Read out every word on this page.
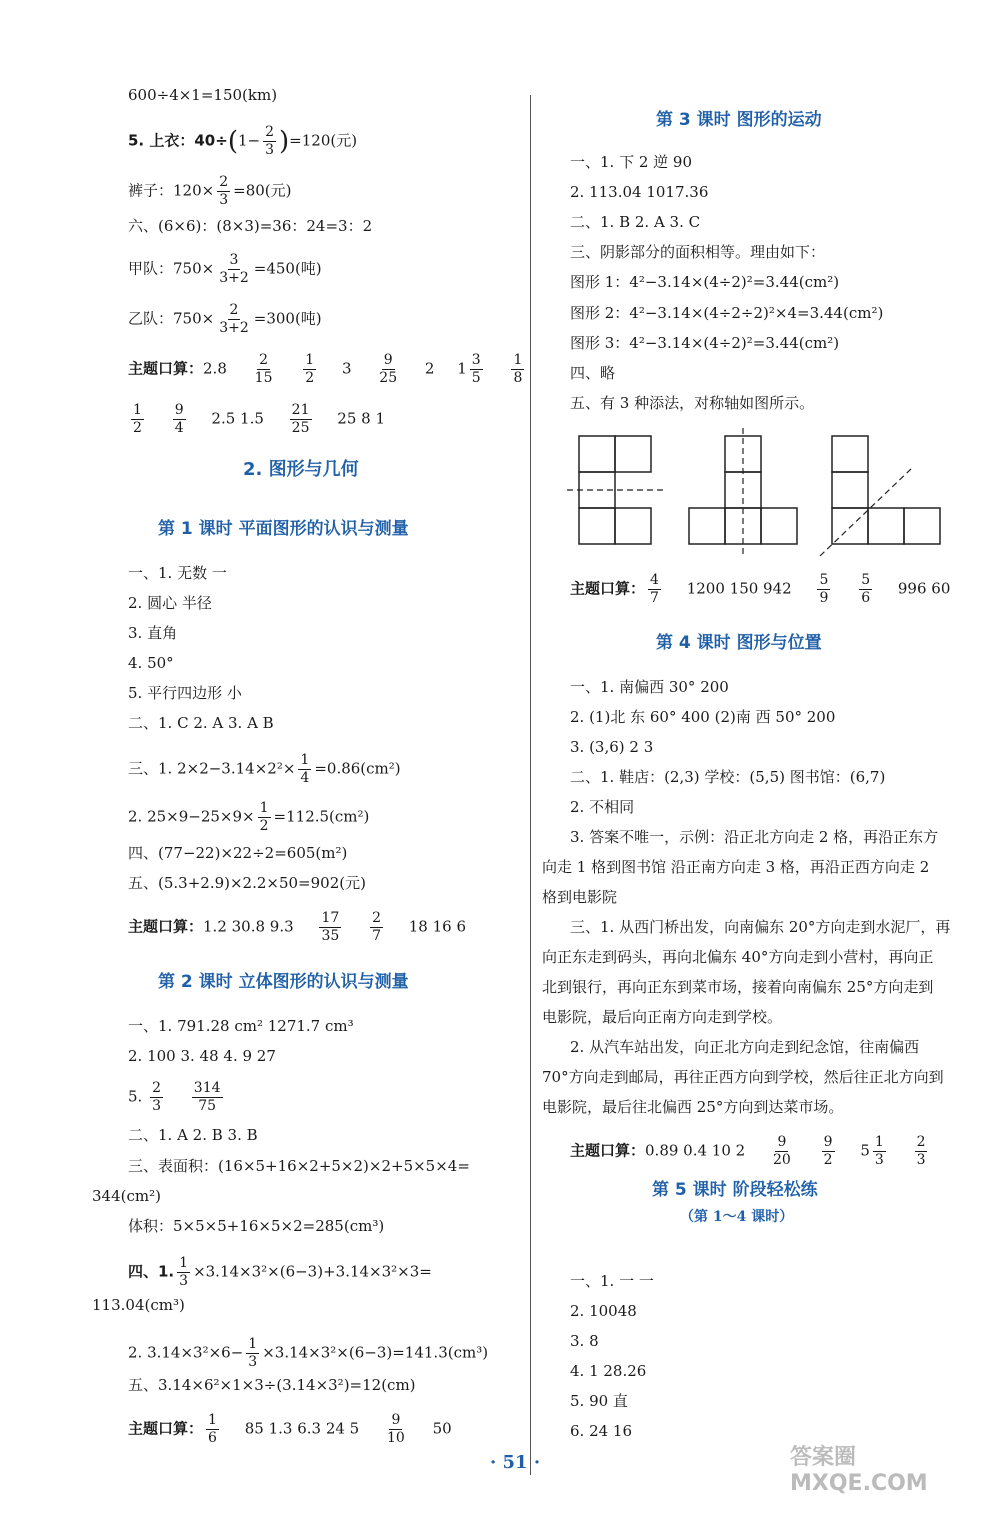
600÷4×1=150(km)
5. 上衣：$40\div(1- \frac{2}{3} )=120$(元)
裤子：$120\times \frac{2}{3} =80$(元)
六、(6×6)：(8×3)=36：24=3：2
甲队：$750\times \frac{3}{3+2} =450$(吨)
乙队：$750\times \frac{2}{3+2} =300$(吨)
主题口算：$2.8 \frac{2}{15}$
$\frac{1}{2} 3 \frac{9}{25} 2$ $1 \frac{3}{5}$
$\frac{1}{8}$
$\frac{1}{2}$
$\frac{9}{4} 2.5$ $1.5 \frac{21}{25} 25$ 8 1
2. 图形与几何
第 1 课时 平面图形的认识与测量
一、1. 无数 一
2. 圆心 半径
3. 直角
4. 50°
5. 平行四边形 小
二、1. C 2. A 3. A B
三、1. $2\times 2-3.14\times 2^2\times \frac{1}{4} =0.86(cm^2)$
2. $25\times 9-25\times 9\times \frac{1}{2} =112.5(cm^2)$
四、(77−22)×22÷2=605(m²)
五、(5.3+2.9)×2.2×50=902(元)
主题口算：1.2 30.8 $9.3 \frac{17}{35}$
$\frac{2}{7} 18$ 16 6
第 2 课时 立体图形的认识与测量
一、1. 791.28 cm² 1271.7 cm³
2. 100 3. 48 4. 9 27
5. $\frac{2}{3}$
$\frac{314}{75}$
二、1. A 2. B 3. B
三、表面积：(16×5+16×2+5×2)×2+5×5×4=
344(cm²)
体积：5×5×5+16×5×2=285(cm³)
四、1. $\frac{1}{3} \times 3.14\times 3^2\times(6-3)+3.14\times 3^2\times 3=$
113.04(cm³)
2. $3.14\times 3^2\times 6- \frac{1}{3} \times 3.14\times 3^2\times(6-3)=141.3(cm^3)$
五、3.14×6²×1×3÷(3.14×3²)=12(cm)
主题口算： $\frac{1}{6} 85$ 1.3 6.3 24 $5 \frac{9}{10} 50$
第 3 课时 图形的运动
一、1. 下 2 逆 90
2. 113.04 1017.36
二、1. B 2. A 3. C
三、阴影部分的面积相等。理由如下：
图形 1：4²−3.14×(4÷2)²=3.44(cm²)
图形 2：4²−3.14×(4÷2÷2)²×4=3.44(cm²)
图形 3：4²−3.14×(4÷2)²=3.44(cm²)
四、略
五、有 3 种添法，对称轴如图所示。
主题口算： $\frac{4}{7} 1200$ 150 $942 \frac{5}{9}$
$\frac{5}{6} 996$ 60
第 4 课时 图形与位置
一、1. 南偏西 30° 200
2. (1)北 东 60° 400 (2)南 西 50° 200
3. (3,6) 2 3
二、1. 鞋店：(2,3) 学校：(5,5) 图书馆：(6,7)
2. 不相同
3. 答案不唯一，示例：沿正北方向走 2 格，再沿正东方
向走 1 格到图书馆 沿正南方向走 3 格，再沿正西方向走 2
格到电影院
三、1. 从西门桥出发，向南偏东 20°方向走到水泥厂，再
向正东走到码头，再向北偏东 40°方向走到小营村，再向正
北到银行，再向正东到菜市场，接着向南偏东 25°方向走到
电影院，最后向正南方向走到学校。
2. 从汽车站出发，向正北方向走到纪念馆，往南偏西
70°方向走到邮局，再往正西方向到学校，然后往正北方向到
电影院，最后往北偏西 25°方向到达菜市场。
主题口算：0.89 0.4 10 $2 \frac{9}{20}$
$\frac{9}{2} 5 \frac{1}{3}$
$\frac{2}{3}$
第 5 课时 阶段轻松练
（第 1～4 课时）
一、1. 一 一
2. 10048
3. 8
4. 1 28.26
5. 90 直
6. 24 16
· 51 ·	答案圈 MXQE.COM
